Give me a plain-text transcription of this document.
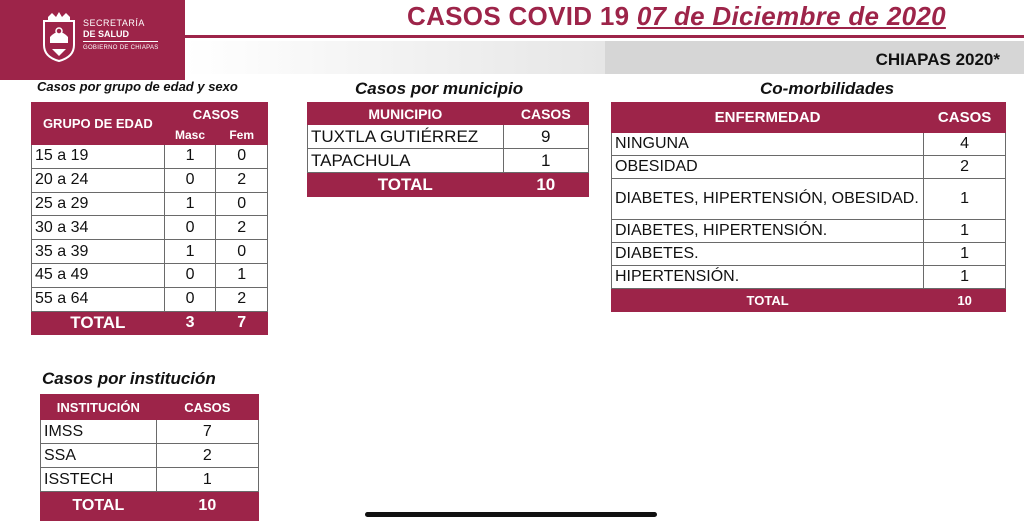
SECRETARÍA
DE SALUD
GOBIERNO DE CHIAPAS
CASOS COVID 19 07 de Diciembre de 2020
CHIAPAS 2020*
Casos por grupo de edad y sexo
GRUPO DE EDAD	CASOS	
	Masc	Fem
15 a 19	1	0
20 a 24	0	2
25 a 29	1	0
30 a 34	0	2
35 a 39	1	0
45 a 49	0	1
55 a 64	0	2
TOTAL	3	7
Casos por municipio
MUNICIPIO	CASOS
TUXTLA GUTIÉRREZ	9
TAPACHULA	1
TOTAL	10
Co-morbilidades
ENFERMEDAD	CASOS
NINGUNA	4
OBESIDAD	2
DIABETES, HIPERTENSIÓN, OBESIDAD.	1
DIABETES, HIPERTENSIÓN.	1
DIABETES.	1
HIPERTENSIÓN.	1
TOTAL	10
Casos por institución
INSTITUCIÓN	CASOS
IMSS	7
SSA	2
ISSTECH	1
TOTAL	10
